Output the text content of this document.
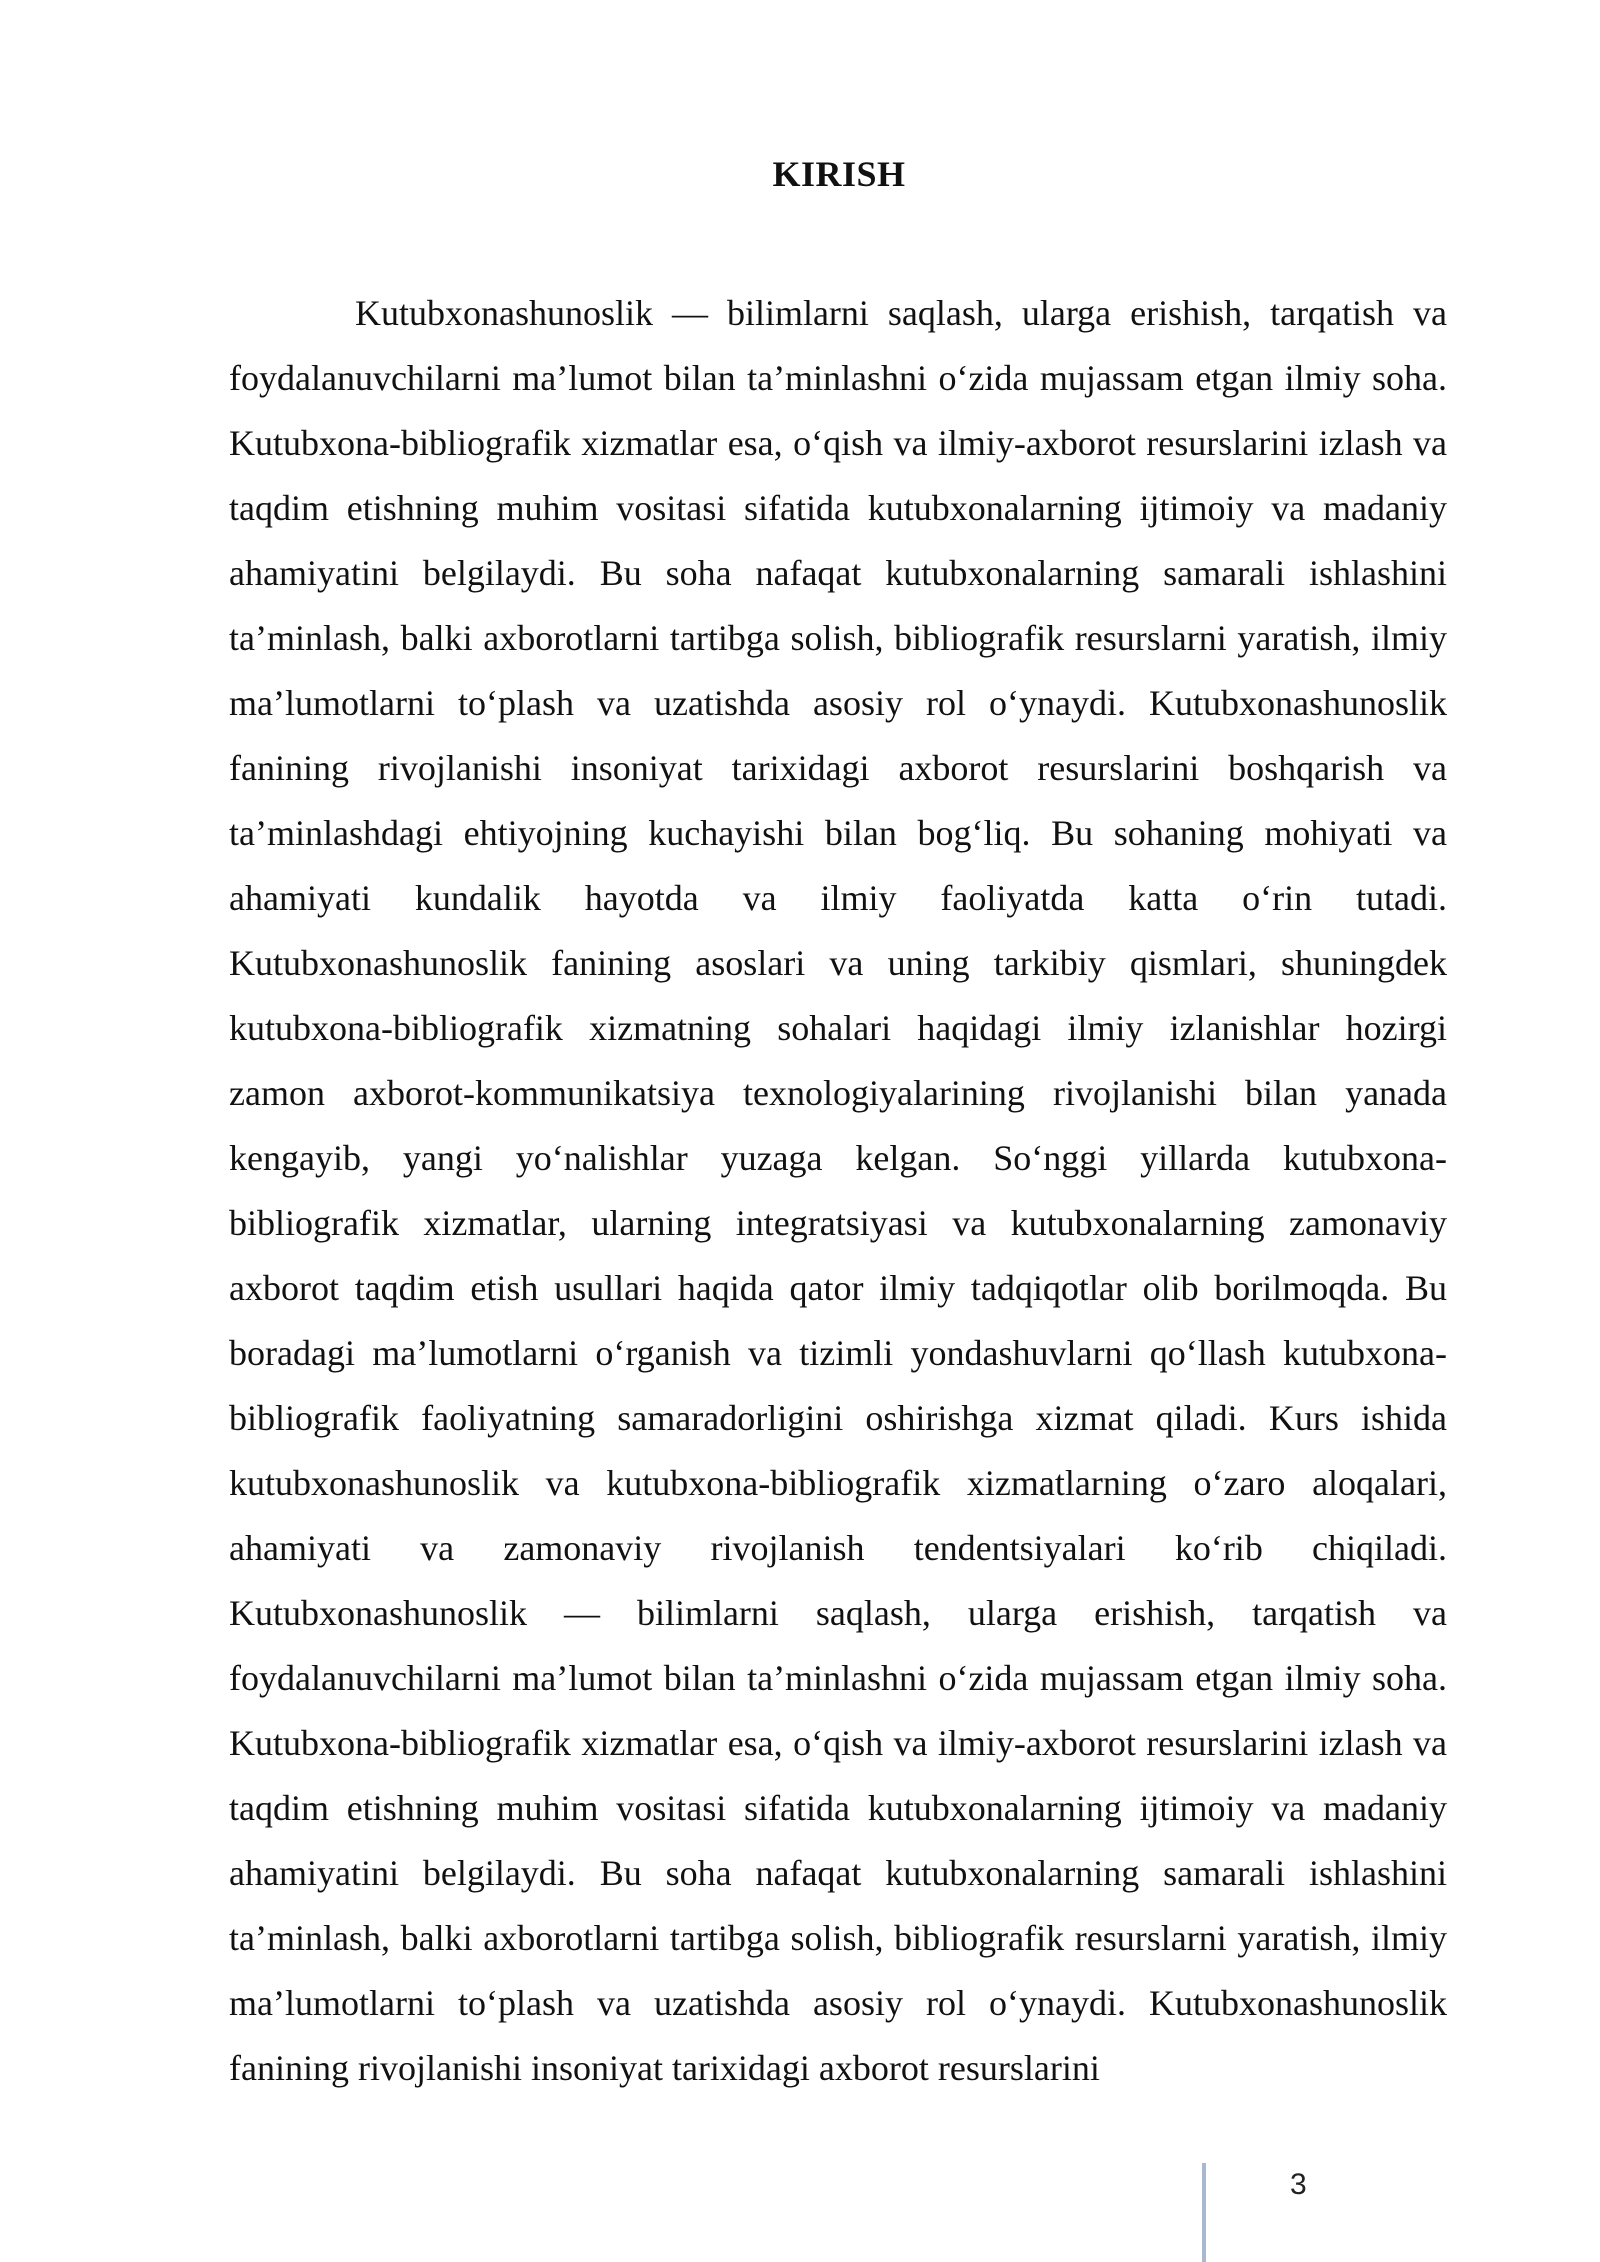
KIRISH

Kutubxonashunoslik — bilimlarni saqlash, ularga erishish, tarqatish va foydalanuvchilarni ma’lumot bilan ta’minlashni o‘zida mujassam etgan ilmiy soha. Kutubxona-bibliografik xizmatlar esa, o‘qish va ilmiy-axborot resurslarini izlash va taqdim etishning muhim vositasi sifatida kutubxonalarning ijtimoiy va madaniy ahamiyatini belgilaydi. Bu soha nafaqat kutubxonalarning samarali ishlashini ta’minlash, balki axborotlarni tartibga solish, bibliografik resurslarni yaratish, ilmiy ma’lumotlarni to‘plash va uzatishda asosiy rol o‘ynaydi. Kutubxonashunoslik fanining rivojlanishi insoniyat tarixidagi axborot resurslarini boshqarish va ta’minlashdagi ehtiyojning kuchayishi bilan bog‘liq. Bu sohaning mohiyati va ahamiyati kundalik hayotda va ilmiy faoliyatda katta o‘rin tutadi. Kutubxonashunoslik fanining asoslari va uning tarkibiy qismlari, shuningdek kutubxona-bibliografik xizmatning sohalari haqidagi ilmiy izlanishlar hozirgi zamon axborot-kommunikatsiya texnologiyalarining rivojlanishi bilan yanada kengayib, yangi yo‘nalishlar yuzaga kelgan. So‘nggi yillarda kutubxona-bibliografik xizmatlar, ularning integratsiyasi va kutubxonalarning zamonaviy axborot taqdim etish usullari haqida qator ilmiy tadqiqotlar olib borilmoqda. Bu boradagi ma’lumotlarni o‘rganish va tizimli yondashuvlarni qo‘llash kutubxona-bibliografik faoliyatning samaradorligini oshirishga xizmat qiladi. Kurs ishida kutubxonashunoslik va kutubxona-bibliografik xizmatlarning o‘zaro aloqalari, ahamiyati va zamonaviy rivojlanish tendentsiyalari ko‘rib chiqiladi. Kutubxonashunoslik — bilimlarni saqlash, ularga erishish, tarqatish va foydalanuvchilarni ma’lumot bilan ta’minlashni o‘zida mujassam etgan ilmiy soha. Kutubxona-bibliografik xizmatlar esa, o‘qish va ilmiy-axborot resurslarini izlash va taqdim etishning muhim vositasi sifatida kutubxonalarning ijtimoiy va madaniy ahamiyatini belgilaydi. Bu soha nafaqat kutubxonalarning samarali ishlashini ta’minlash, balki axborotlarni tartibga solish, bibliografik resurslarni yaratish, ilmiy ma’lumotlarni to‘plash va uzatishda asosiy rol o‘ynaydi. Kutubxonashunoslik fanining rivojlanishi insoniyat tarixidagi axborot resurslarini

3
